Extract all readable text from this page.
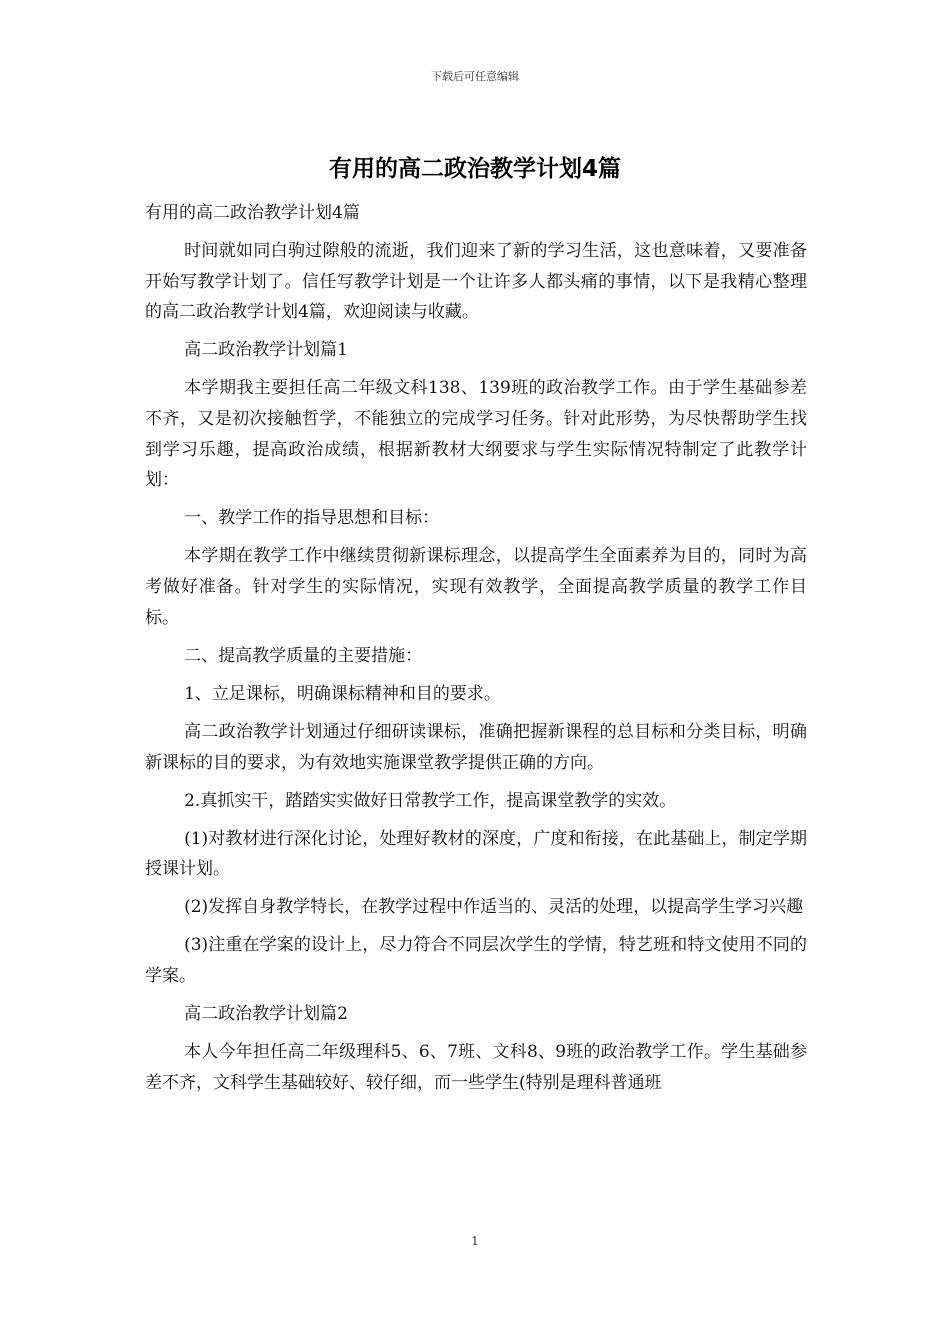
下载后可任意编辑
有用的高二政治教学计划4篇

有用的高二政治教学计划4篇

时间就如同白驹过隙般的流逝，我们迎来了新的学习生活，这也意味着，又要准备开始写教学计划了。信任写教学计划是一个让许多人都头痛的事情，以下是我精心整理的高二政治教学计划4篇，欢迎阅读与收藏。

高二政治教学计划篇1

本学期我主要担任高二年级文科138、139班的政治教学工作。由于学生基础参差不齐，又是初次接触哲学，不能独立的完成学习任务。针对此形势，为尽快帮助学生找到学习乐趣，提高政治成绩，根据新教材大纲要求与学生实际情况特制定了此教学计划：

一、教学工作的指导思想和目标：

本学期在教学工作中继续贯彻新课标理念，以提高学生全面素养为目的，同时为高考做好准备。针对学生的实际情况，实现有效教学，全面提高教学质量的教学工作目标。

二、提高教学质量的主要措施：

1、立足课标，明确课标精神和目的要求。

高二政治教学计划通过仔细研读课标，准确把握新课程的总目标和分类目标，明确新课标的目的要求，为有效地实施课堂教学提供正确的方向。

2.真抓实干，踏踏实实做好日常教学工作，提高课堂教学的实效。

(1)对教材进行深化讨论，处理好教材的深度，广度和衔接，在此基础上，制定学期授课计划。

(2)发挥自身教学特长，在教学过程中作适当的、灵活的处理，以提高学生学习兴趣

(3)注重在学案的设计上，尽力符合不同层次学生的学情，特艺班和特文使用不同的学案。

高二政治教学计划篇2

本人今年担任高二年级理科5、6、7班、文科8、9班的政治教学工作。学生基础参差不齐，文科学生基础较好、较仔细，而一些学生(特别是理科普通班

1
